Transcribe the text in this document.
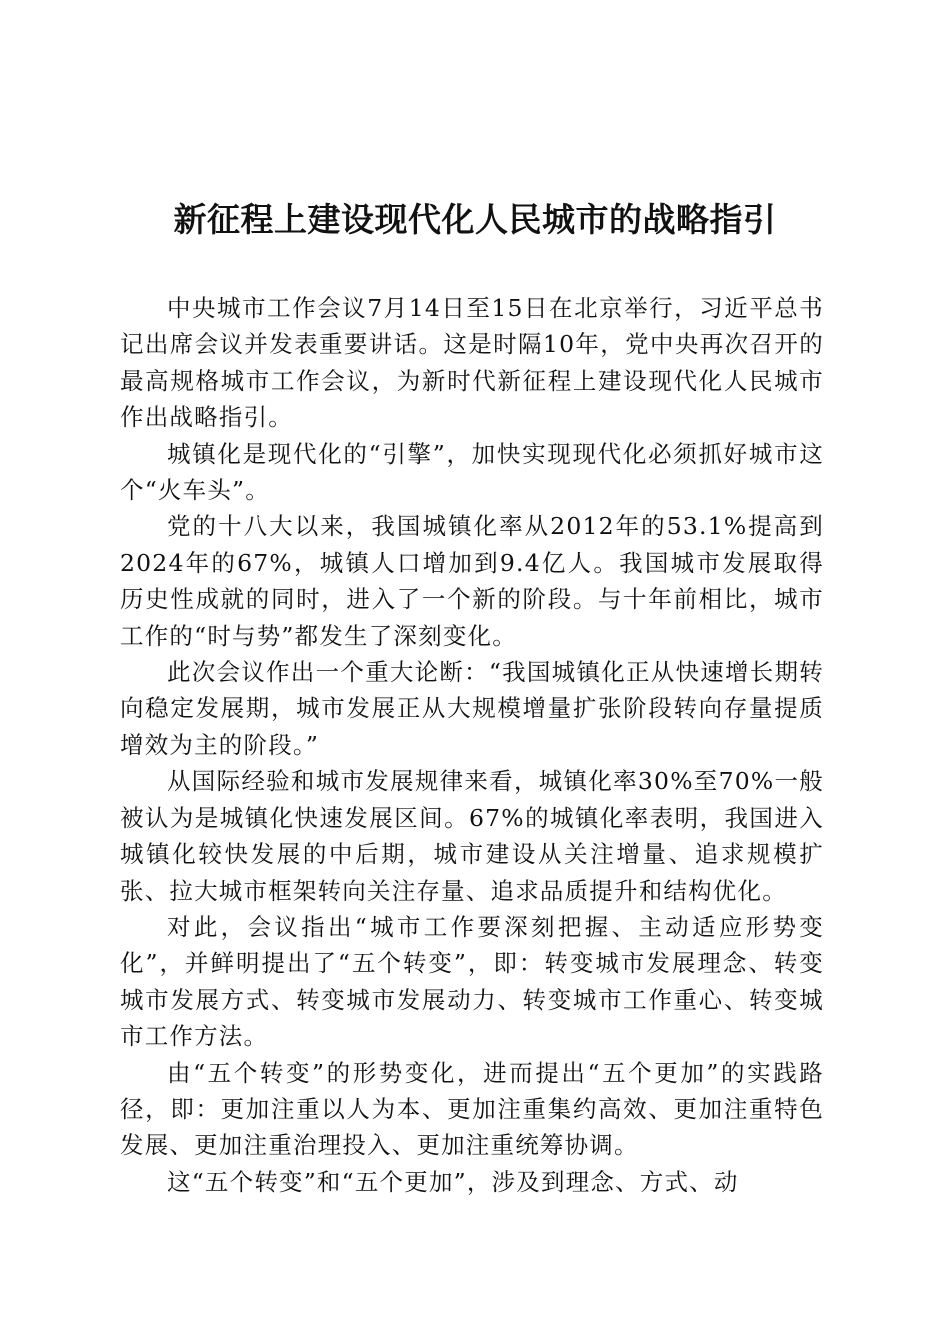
新征程上建设现代化人民城市的战略指引

中央城市工作会议7月14日至15日在北京举行，习近平总书记出席会议并发表重要讲话。这是时隔10年，党中央再次召开的最高规格城市工作会议，为新时代新征程上建设现代化人民城市作出战略指引。

城镇化是现代化的“引擎”，加快实现现代化必须抓好城市这个“火车头”。

党的十八大以来，我国城镇化率从2012年的53.1%提高到2024年的67%，城镇人口增加到9.4亿人。我国城市发展取得历史性成就的同时，进入了一个新的阶段。与十年前相比，城市工作的“时与势”都发生了深刻变化。

此次会议作出一个重大论断：“我国城镇化正从快速增长期转向稳定发展期，城市发展正从大规模增量扩张阶段转向存量提质增效为主的阶段。”

从国际经验和城市发展规律来看，城镇化率30%至70%一般被认为是城镇化快速发展区间。67%的城镇化率表明，我国进入城镇化较快发展的中后期，城市建设从关注增量、追求规模扩张、拉大城市框架转向关注存量、追求品质提升和结构优化。

对此，会议指出“城市工作要深刻把握、主动适应形势变化”，并鲜明提出了“五个转变”，即：转变城市发展理念、转变城市发展方式、转变城市发展动力、转变城市工作重心、转变城市工作方法。

由“五个转变”的形势变化，进而提出“五个更加”的实践路径，即：更加注重以人为本、更加注重集约高效、更加注重特色发展、更加注重治理投入、更加注重统筹协调。

这“五个转变”和“五个更加”，涉及到理念、方式、动
